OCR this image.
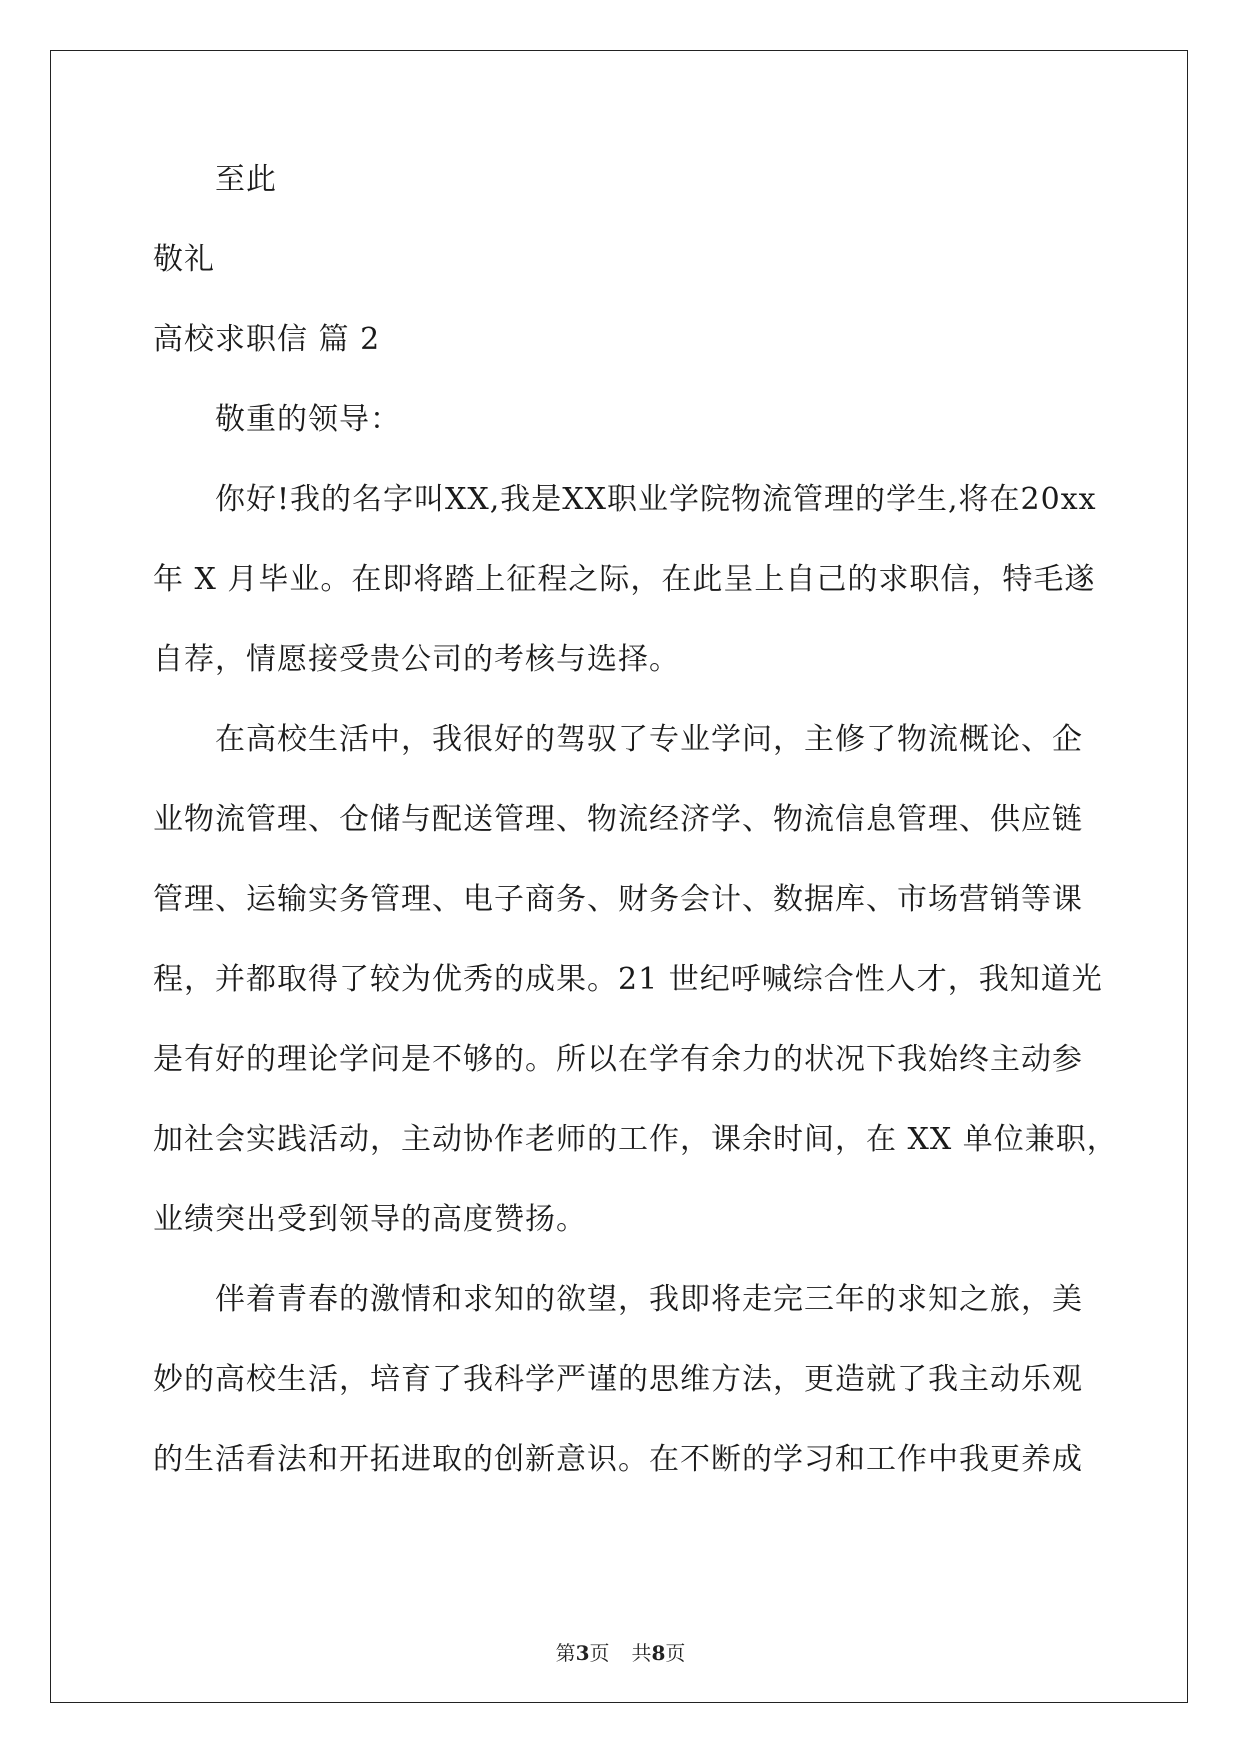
至此

敬礼

高校求职信 篇 2

敬重的领导：

你好!我的名字叫XX,我是XX职业学院物流管理的学生,将在20xx

年 X 月毕业。在即将踏上征程之际，在此呈上自己的求职信，特毛遂

自荐，情愿接受贵公司的考核与选择。

在高校生活中，我很好的驾驭了专业学问，主修了物流概论、企

业物流管理、仓储与配送管理、物流经济学、物流信息管理、供应链

管理、运输实务管理、电子商务、财务会计、数据库、市场营销等课

程，并都取得了较为优秀的成果。21 世纪呼喊综合性人才，我知道光

是有好的理论学问是不够的。所以在学有余力的状况下我始终主动参

加社会实践活动，主动协作老师的工作，课余时间，在 XX 单位兼职，

业绩突出受到领导的高度赞扬。

伴着青春的激情和求知的欲望，我即将走完三年的求知之旅，美

妙的高校生活，培育了我科学严谨的思维方法，更造就了我主动乐观

的生活看法和开拓进取的创新意识。在不断的学习和工作中我更养成

第3页 共8页
